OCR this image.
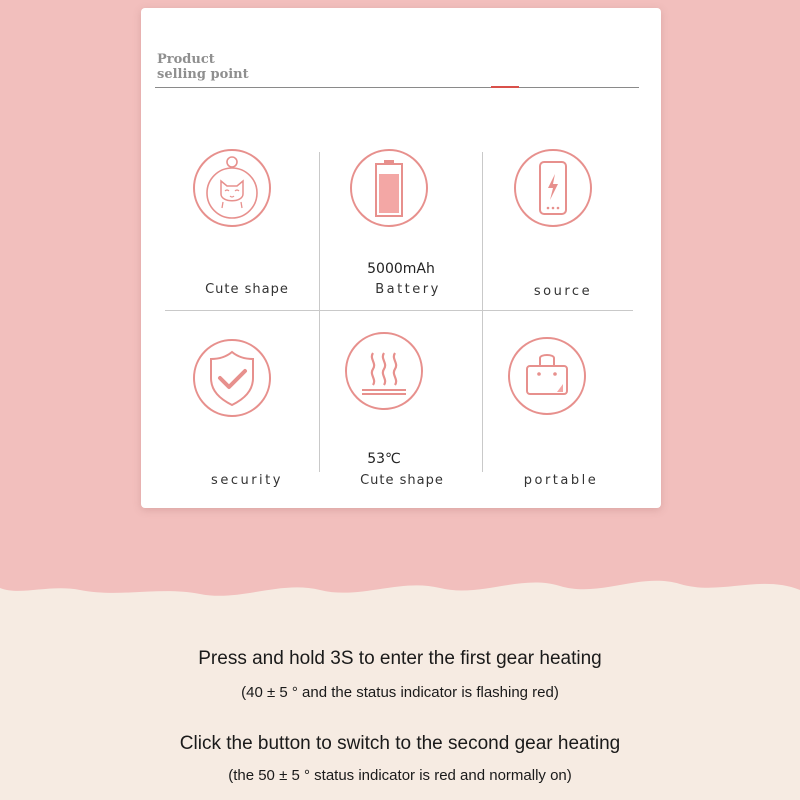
Product
selling point
5000mAh
Cute shape	Battery	source
53℃
security	Cute shape	portable
Press and hold 3S to enter the first gear heating
(40 ± 5 ° and the status indicator is flashing red)
Click the button to switch to the second gear heating
(the 50 ± 5 ° status indicator is red and normally on)
